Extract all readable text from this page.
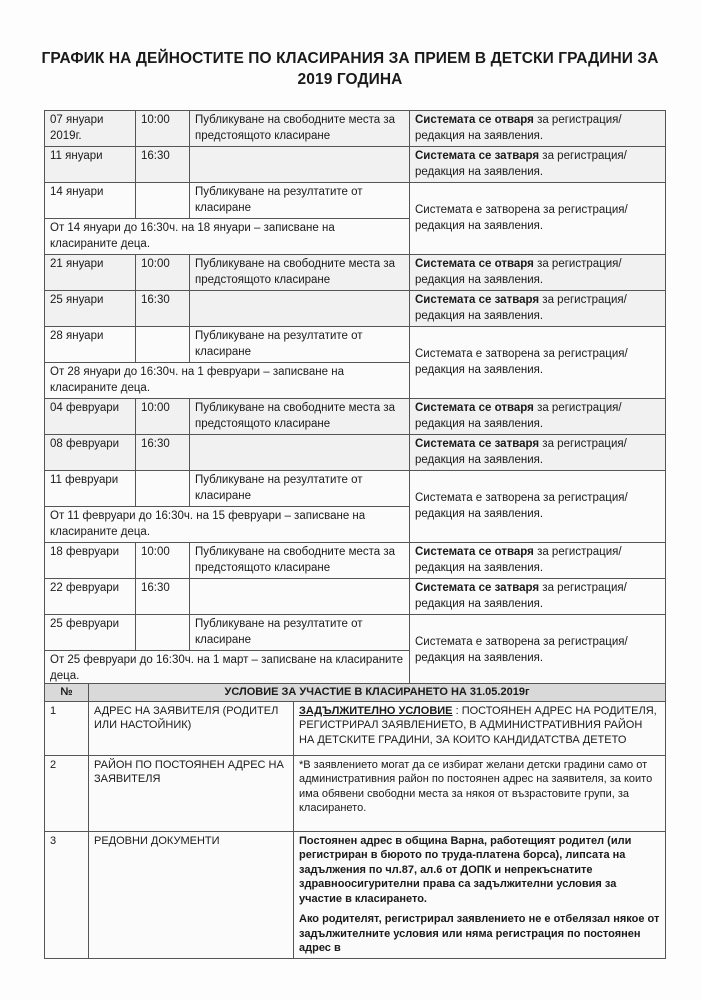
ГРАФИК НА ДЕЙНОСТИТЕ ПО КЛАСИРАНИЯ ЗА ПРИЕМ В ДЕТСКИ ГРАДИНИ ЗА
2019 ГОДИНА
07 януари 2019г.	10:00	Публикуване на свободните места за предстоящото класиране	Системата се отваря за регистрация/редакция на заявления.
11 януари	16:30		Системата се затваря за регистрация/редакция на заявления.
14 януари		Публикуване на резултатите от класиране	Системата е затворена за регистрация/редакция на заявления.
От 14 януари до 16:30ч. на 18 януари – записване на класираните деца.			
21 януари	10:00	Публикуване на свободните места за предстоящото класиране	Системата се отваря за регистрация/редакция на заявления.
25 януари	16:30		Системата се затваря за регистрация/редакция на заявления.
28 януари		Публикуване на резултатите от класиране	Системата е затворена за регистрация/редакция на заявления.
От 28 януари до 16:30ч. на 1 февруари – записване на класираните деца.			
04 февруари	10:00	Публикуване на свободните места за предстоящото класиране	Системата се отваря за регистрация/редакция на заявления.
08 февруари	16:30		Системата се затваря за регистрация/редакция на заявления.
11 февруари		Публикуване на резултатите от класиране	Системата е затворена за регистрация/редакция на заявления.
От 11 февруари до 16:30ч. на 15 февруари – записване на класираните деца.			
18 февруари	10:00	Публикуване на свободните места за предстоящото класиране	Системата се отваря за регистрация/редакция на заявления.
22 февруари	16:30		Системата се затваря за регистрация/редакция на заявления.
25 февруари		Публикуване на резултатите от класиране	Системата е затворена за регистрация/редакция на заявления.
От 25 февруари до 16:30ч. на 1 март – записване на класираните деца.			

№	УСЛОВИЕ ЗА УЧАСТИЕ В КЛАСИРАНЕТО НА 31.05.2019г	
1	АДРЕС НА ЗАЯВИТЕЛЯ (РОДИТЕЛ ИЛИ НАСТОЙНИК)	ЗАДЪЛЖИТЕЛНО УСЛОВИЕ : ПОСТОЯНЕН АДРЕС НА РОДИТЕЛЯ, РЕГИСТРИРАЛ ЗАЯВЛЕНИЕТО, В АДМИНИСТРАТИВНИЯ РАЙОН НА ДЕТСКИТЕ ГРАДИНИ, ЗА КОИТО КАНДИДАТСТВА ДЕТЕТО
2	РАЙОН ПО ПОСТОЯНЕН АДРЕС НА ЗАЯВИТЕЛЯ	*В заявлението могат да се избират желани детски градини само от административния район по постоянен адрес на заявителя, за които има обявени свободни места за някоя от възрастовите групи, за класирането.
3	РЕДОВНИ ДОКУМЕНТИ	Постоянен адрес в община Варна, работещият родител (или регистриран в бюрото по труда-платена борса), липсата на задължения по чл.87, ал.6 от ДОПК и непрекъснатите здравноосигурителни права са задължителни условия за участие в класирането.
Ако родителят, регистрирал заявлението не е отбелязал някое от задължителните условия или няма регистрация по постоянен адрес в
